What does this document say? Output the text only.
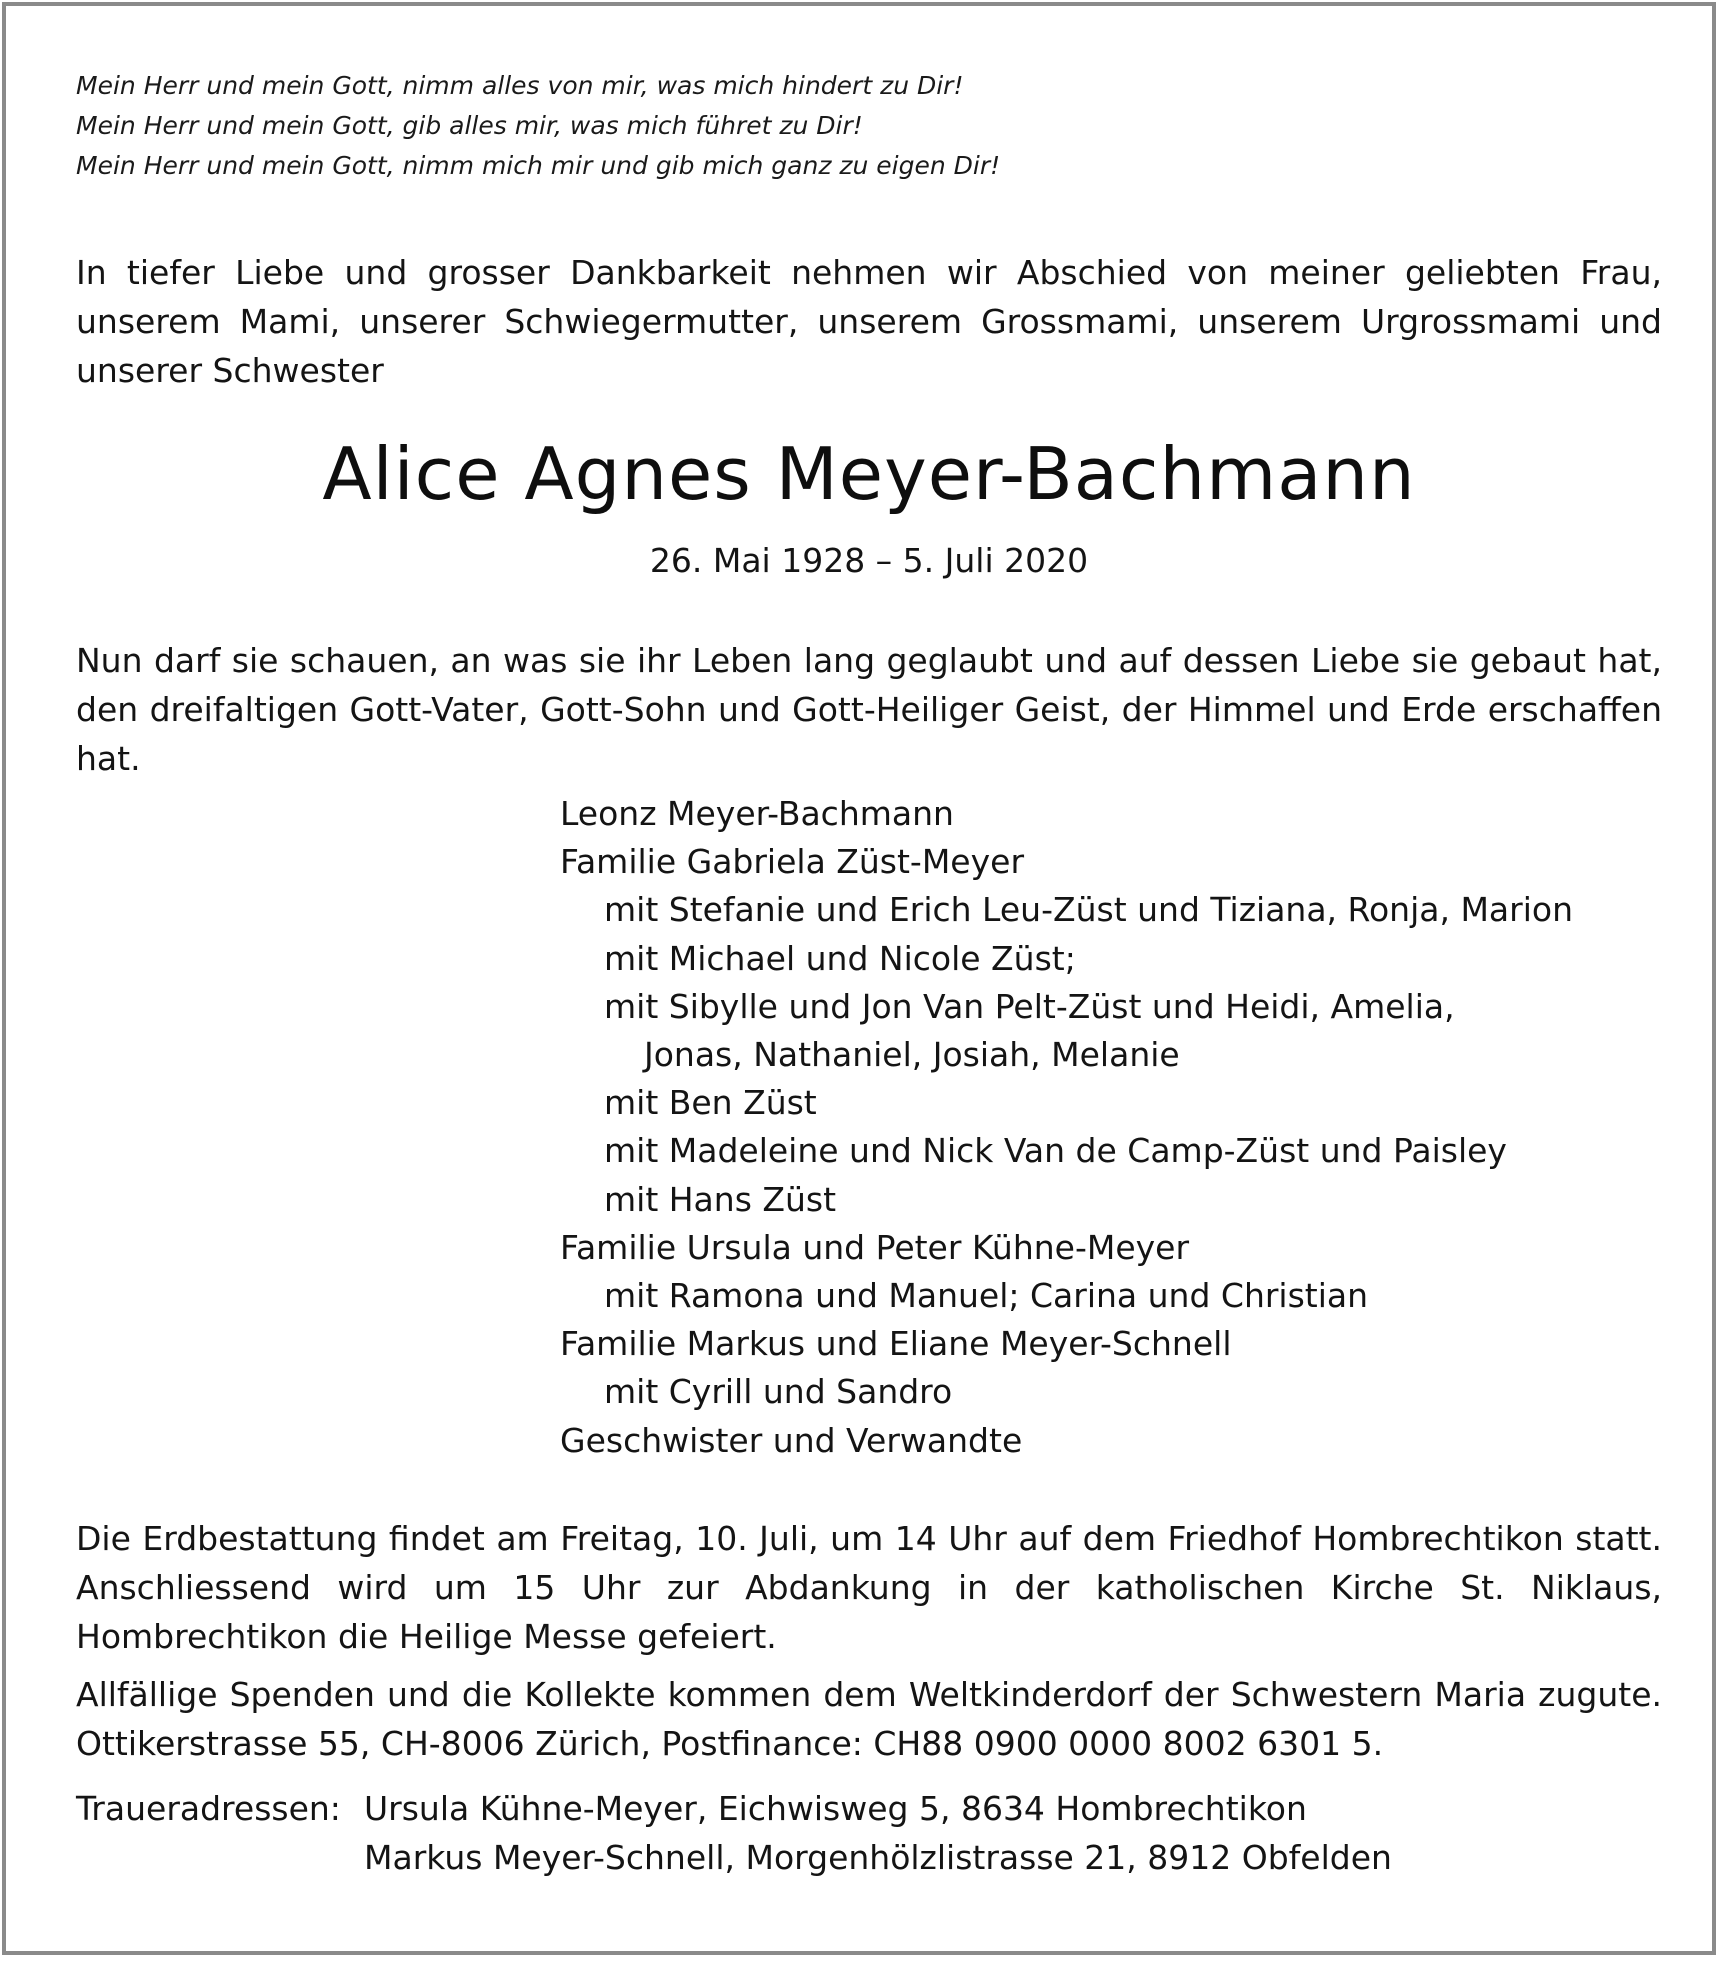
Mein Herr und mein Gott, nimm alles von mir, was mich hindert zu Dir!
Mein Herr und mein Gott, gib alles mir, was mich führet zu Dir!
Mein Herr und mein Gott, nimm mich mir und gib mich ganz zu eigen Dir!
In tiefer Liebe und grosser Dankbarkeit nehmen wir Abschied von meiner geliebten Frau, unserem Mami, unserer Schwiegermutter, unserem Grossmami, unserem Urgrossmami und unserer Schwester
Alice Agnes Meyer-Bachmann
26. Mai 1928 – 5. Juli 2020
Nun darf sie schauen, an was sie ihr Leben lang geglaubt und auf dessen Liebe sie gebaut hat, den dreifaltigen Gott-Vater, Gott-Sohn und Gott-Heiliger Geist, der Himmel und Erde erschaffen hat.
Leonz Meyer-Bachmann
Familie Gabriela Züst-Meyer
mit Stefanie und Erich Leu-Züst und Tiziana, Ronja, Marion
mit Michael und Nicole Züst;
mit Sibylle und Jon Van Pelt-Züst und Heidi, Amelia,
Jonas, Nathaniel, Josiah, Melanie
mit Ben Züst
mit Madeleine und Nick Van de Camp-Züst und Paisley
mit Hans Züst
Familie Ursula und Peter Kühne-Meyer
mit Ramona und Manuel; Carina und Christian
Familie Markus und Eliane Meyer-Schnell
mit Cyrill und Sandro
Geschwister und Verwandte
Die Erdbestattung findet am Freitag, 10. Juli, um 14 Uhr auf dem Friedhof Hombrechtikon statt. Anschliessend wird um 15 Uhr zur Abdankung in der katholischen Kirche St. Niklaus, Hombrechtikon die Heilige Messe gefeiert.
Allfällige Spenden und die Kollekte kommen dem Weltkinderdorf der Schwestern Maria zugute. Ottikerstrasse 55, CH-8006 Zürich, Postfinance: CH88 0900 0000 8002 6301 5.
Traueradressen: Ursula Kühne-Meyer, Eichwisweg 5, 8634 Hombrechtikon
Markus Meyer-Schnell, Morgenhölzlistrasse 21, 8912 Obfelden
